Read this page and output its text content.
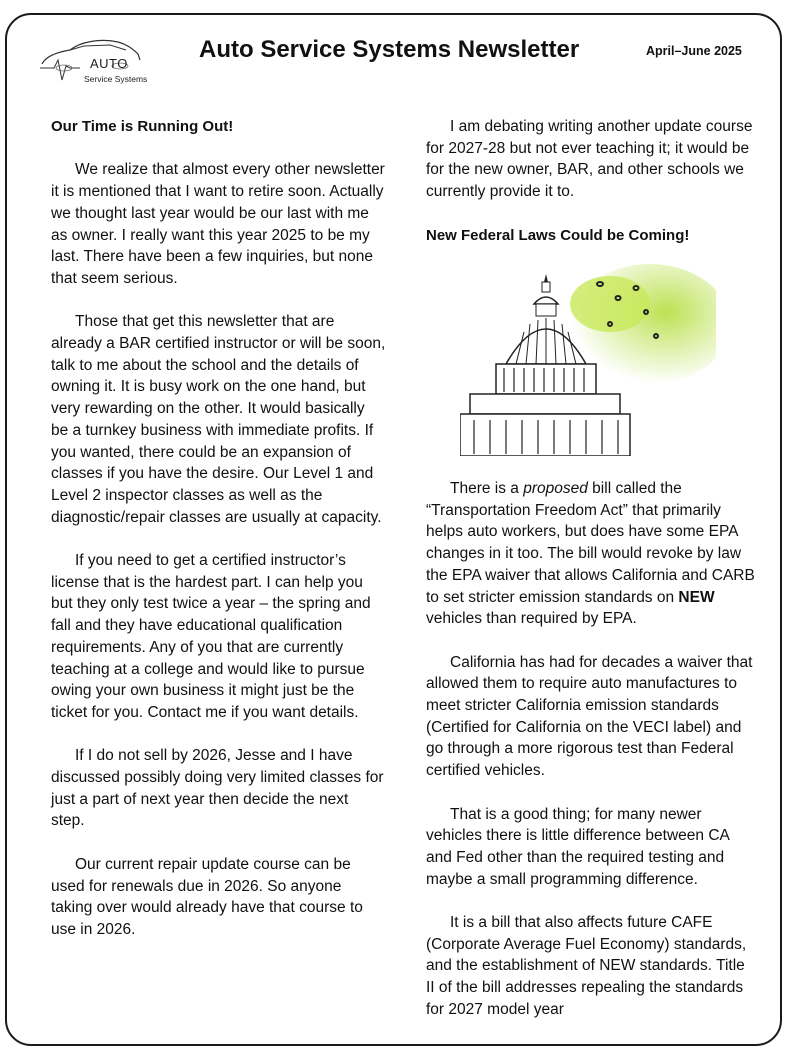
AUTO
Service Systems
Auto Service Systems Newsletter	April–June 2025

Our Time is Running Out!

We realize that almost every other newsletter it is mentioned that I want to retire soon. Actually we thought last year would be our last with me as owner. I really want this year 2025 to be my last. There have been a few inquiries, but none that seem serious.

Those that get this newsletter that are already a BAR certified instructor or will be soon, talk to me about the school and the details of owning it. It is busy work on the one hand, but very rewarding on the other. It would basically be a turnkey business with immediate profits. If you wanted, there could be an expansion of classes if you have the desire. Our Level 1 and Level 2 inspector classes as well as the diagnostic/repair classes are usually at capacity.

If you need to get a certified instructor’s license that is the hardest part. I can help you but they only test twice a year – the spring and fall and they have educational qualification requirements. Any of you that are currently teaching at a college and would like to pursue owing your own business it might just be the ticket for you. Contact me if you want details.

If I do not sell by 2026, Jesse and I have discussed possibly doing very limited classes for just a part of next year then decide the next step.

Our current repair update course can be used for renewals due in 2026. So anyone taking over would already have that course to use in 2026.

I am debating writing another update course for 2027-28 but not ever teaching it; it would be for the new owner, BAR, and other schools we currently provide it to.

New Federal Laws Could be Coming!

There is a proposed bill called the “Transportation Freedom Act” that primarily helps auto workers, but does have some EPA changes in it too. The bill would revoke by law the EPA waiver that allows California and CARB to set stricter emission standards on NEW vehicles than required by EPA.

California has had for decades a waiver that allowed them to require auto manufactures to meet stricter California emission standards (Certified for California on the VECI label) and go through a more rigorous test than Federal certified vehicles.

That is a good thing; for many newer vehicles there is little difference between CA and Fed other than the required testing and maybe a small programming difference.

It is a bill that also affects future CAFE (Corporate Average Fuel Economy) standards, and the establishment of NEW standards. Title II of the bill addresses repealing the standards for 2027 model year
